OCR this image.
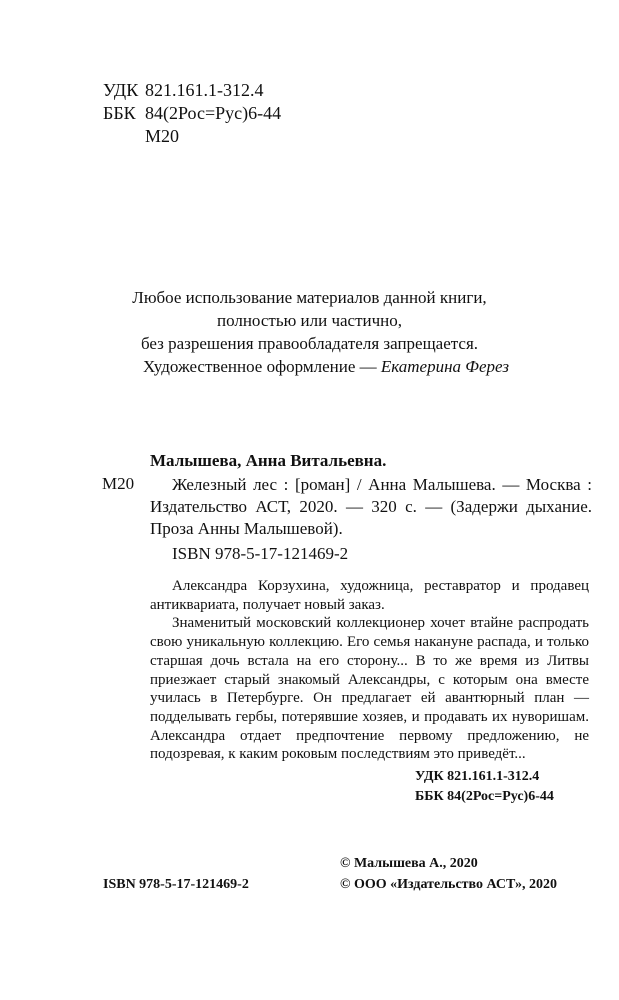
УДК 821.161.1-312.4
ББК 84(2Рос=Рус)6-44
М20
Любое использование материалов данной книги,
полностью или частично,
без разрешения правообладателя запрещается.
Художественное оформление — Екатерина Ферез
Малышева, Анна Витальевна.
М20	Железный лес : [роман] / Анна Малышева. — Москва : Издательство АСТ, 2020. — 320 с. — (Задержи дыхание. Проза Анны Малышевой).
ISBN 978-5-17-121469-2

Александра Корзухина, художница, реставратор и продавец антиквариата, получает новый заказ.

Знаменитый московский коллекционер хочет втайне распродать свою уникальную коллекцию. Его семья накануне распада, и только старшая дочь встала на его сторону... В то же время из Литвы приезжает старый знакомый Александры, с которым она вместе училась в Петербурге. Он предлагает ей авантюрный план — подделывать гербы, потерявшие хозяев, и продавать их нуворишам. Александра отдает предпочтение первому предложению, не подозревая, к каким роковым последствиям это приведёт...

УДК 821.161.1-312.4
ББК 84(2Рос=Рус)6-44
© Малышева А., 2020
ISBN 978-5-17-121469-2	© ООО «Издательство АСТ», 2020
